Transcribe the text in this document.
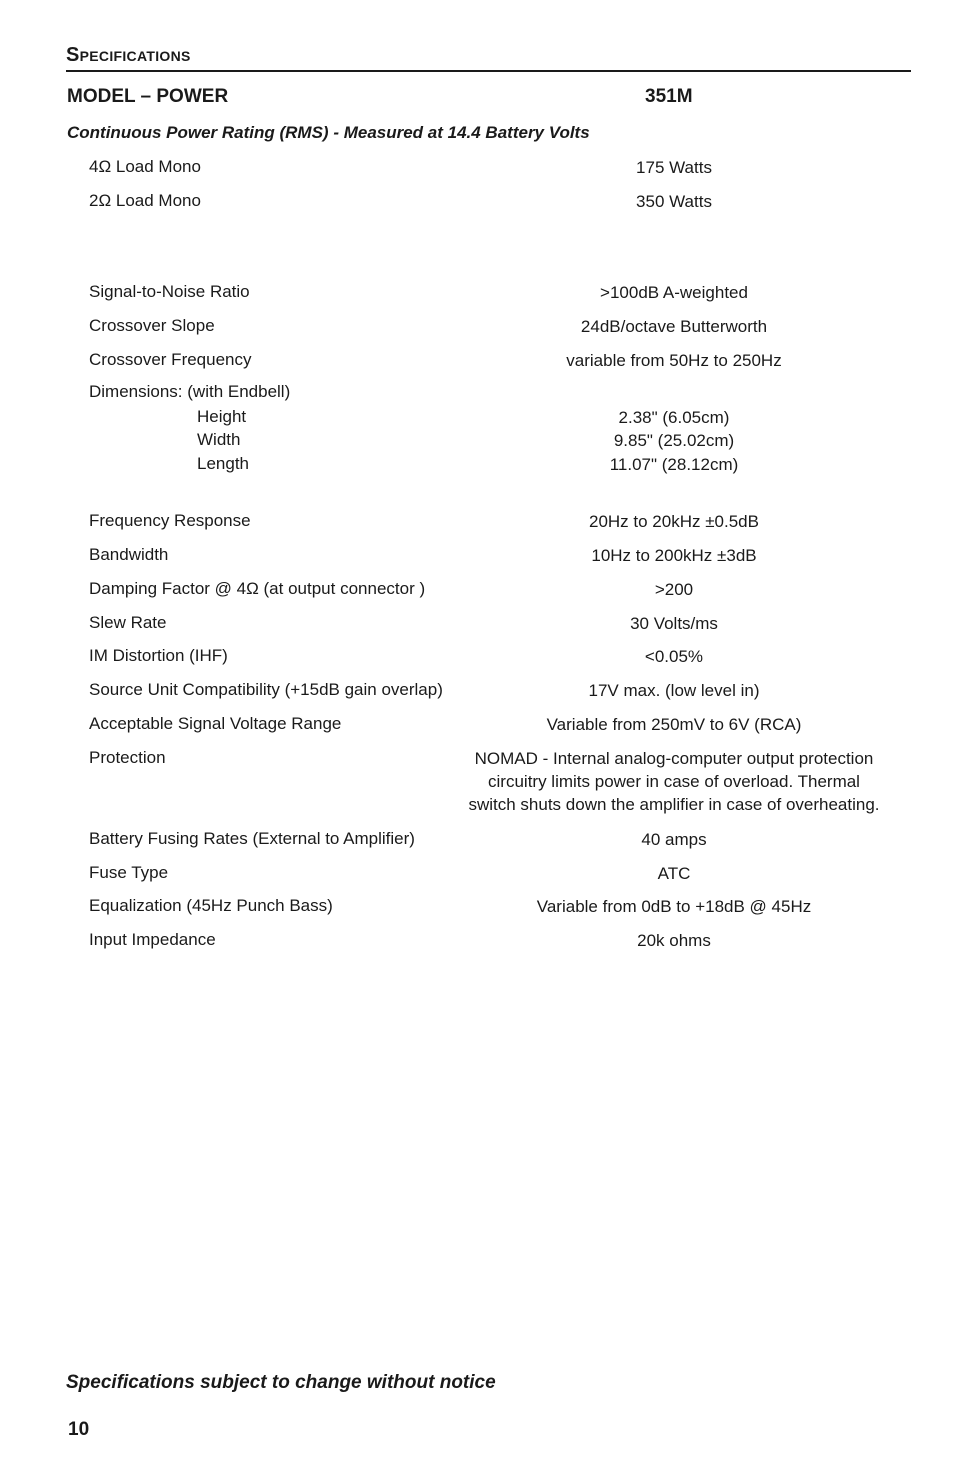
Specifications
MODEL – POWER	351M
Continuous Power Rating (RMS) - Measured at 14.4 Battery Volts
4Ω Load Mono	175 Watts
2Ω Load Mono	350 Watts
Signal-to-Noise Ratio	>100dB A-weighted
Crossover Slope	24dB/octave Butterworth
Crossover Frequency	variable from 50Hz to 250Hz
Dimensions: (with Endbell)
Height	2.38" (6.05cm)
Width	9.85" (25.02cm)
Length	11.07" (28.12cm)
Frequency Response	20Hz to 20kHz ±0.5dB
Bandwidth	10Hz to 200kHz ±3dB
Damping Factor @ 4Ω (at output connector )	>200
Slew Rate	30 Volts/ms
IM Distortion (IHF)	<0.05%
Source Unit Compatibility (+15dB gain overlap)	17V max. (low level in)
Acceptable Signal Voltage Range	Variable from 250mV to 6V (RCA)
Protection	NOMAD - Internal analog-computer output protection
circuitry limits power in case of overload. Thermal
switch shuts down the amplifier in case of overheating.
Battery Fusing Rates (External to Amplifier)	40 amps
Fuse Type	ATC
Equalization (45Hz Punch Bass)	Variable from 0dB to +18dB @ 45Hz
Input Impedance	20k ohms
Specifications subject to change without notice
10
